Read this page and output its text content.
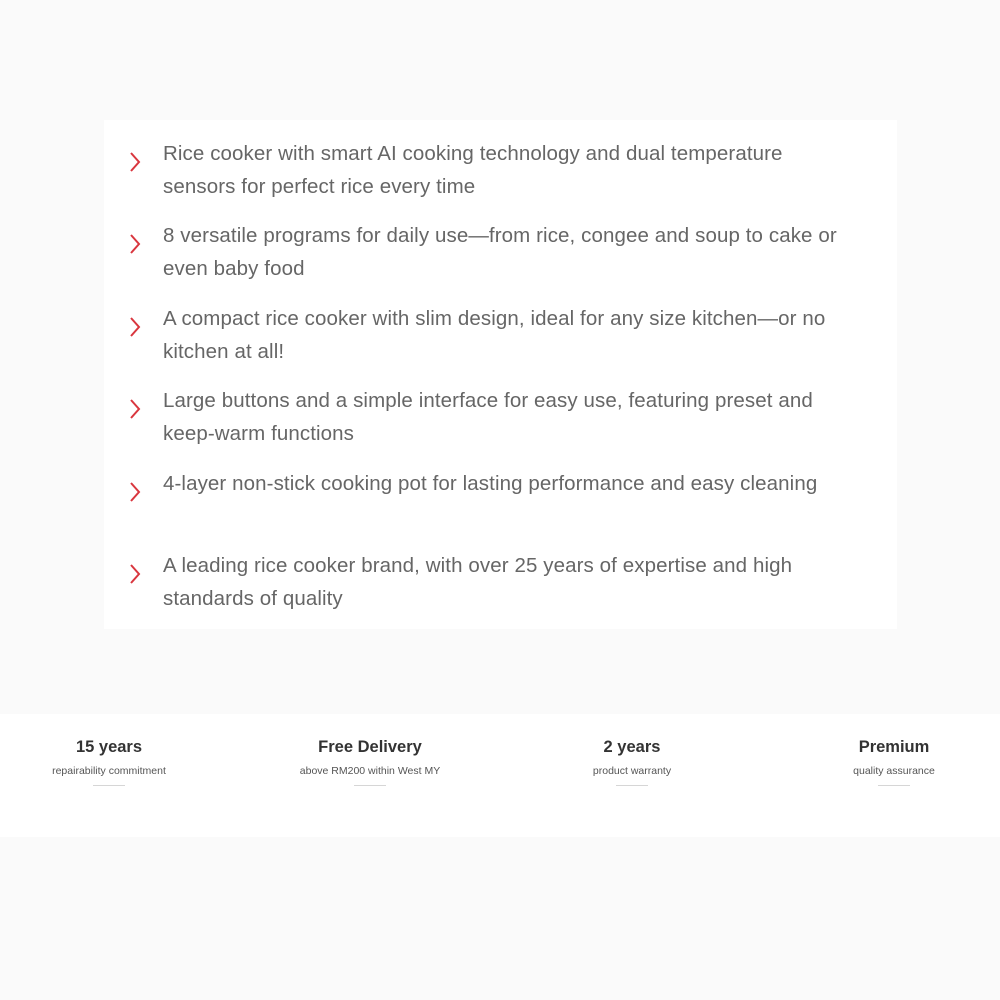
Rice cooker with smart AI cooking technology and dual temperature sensors for perfect rice every time
8 versatile programs for daily use—from rice, congee and soup to cake or even baby food
A compact rice cooker with slim design, ideal for any size kitchen—or no kitchen at all!
Large buttons and a simple interface for easy use, featuring preset and keep-warm functions
4-layer non-stick cooking pot for lasting performance and easy cleaning
A leading rice cooker brand, with over 25 years of expertise and high standards of quality
15 years
repairability commitment
Free Delivery
above RM200 within West MY
2 years
product warranty
Premium
quality assurance
